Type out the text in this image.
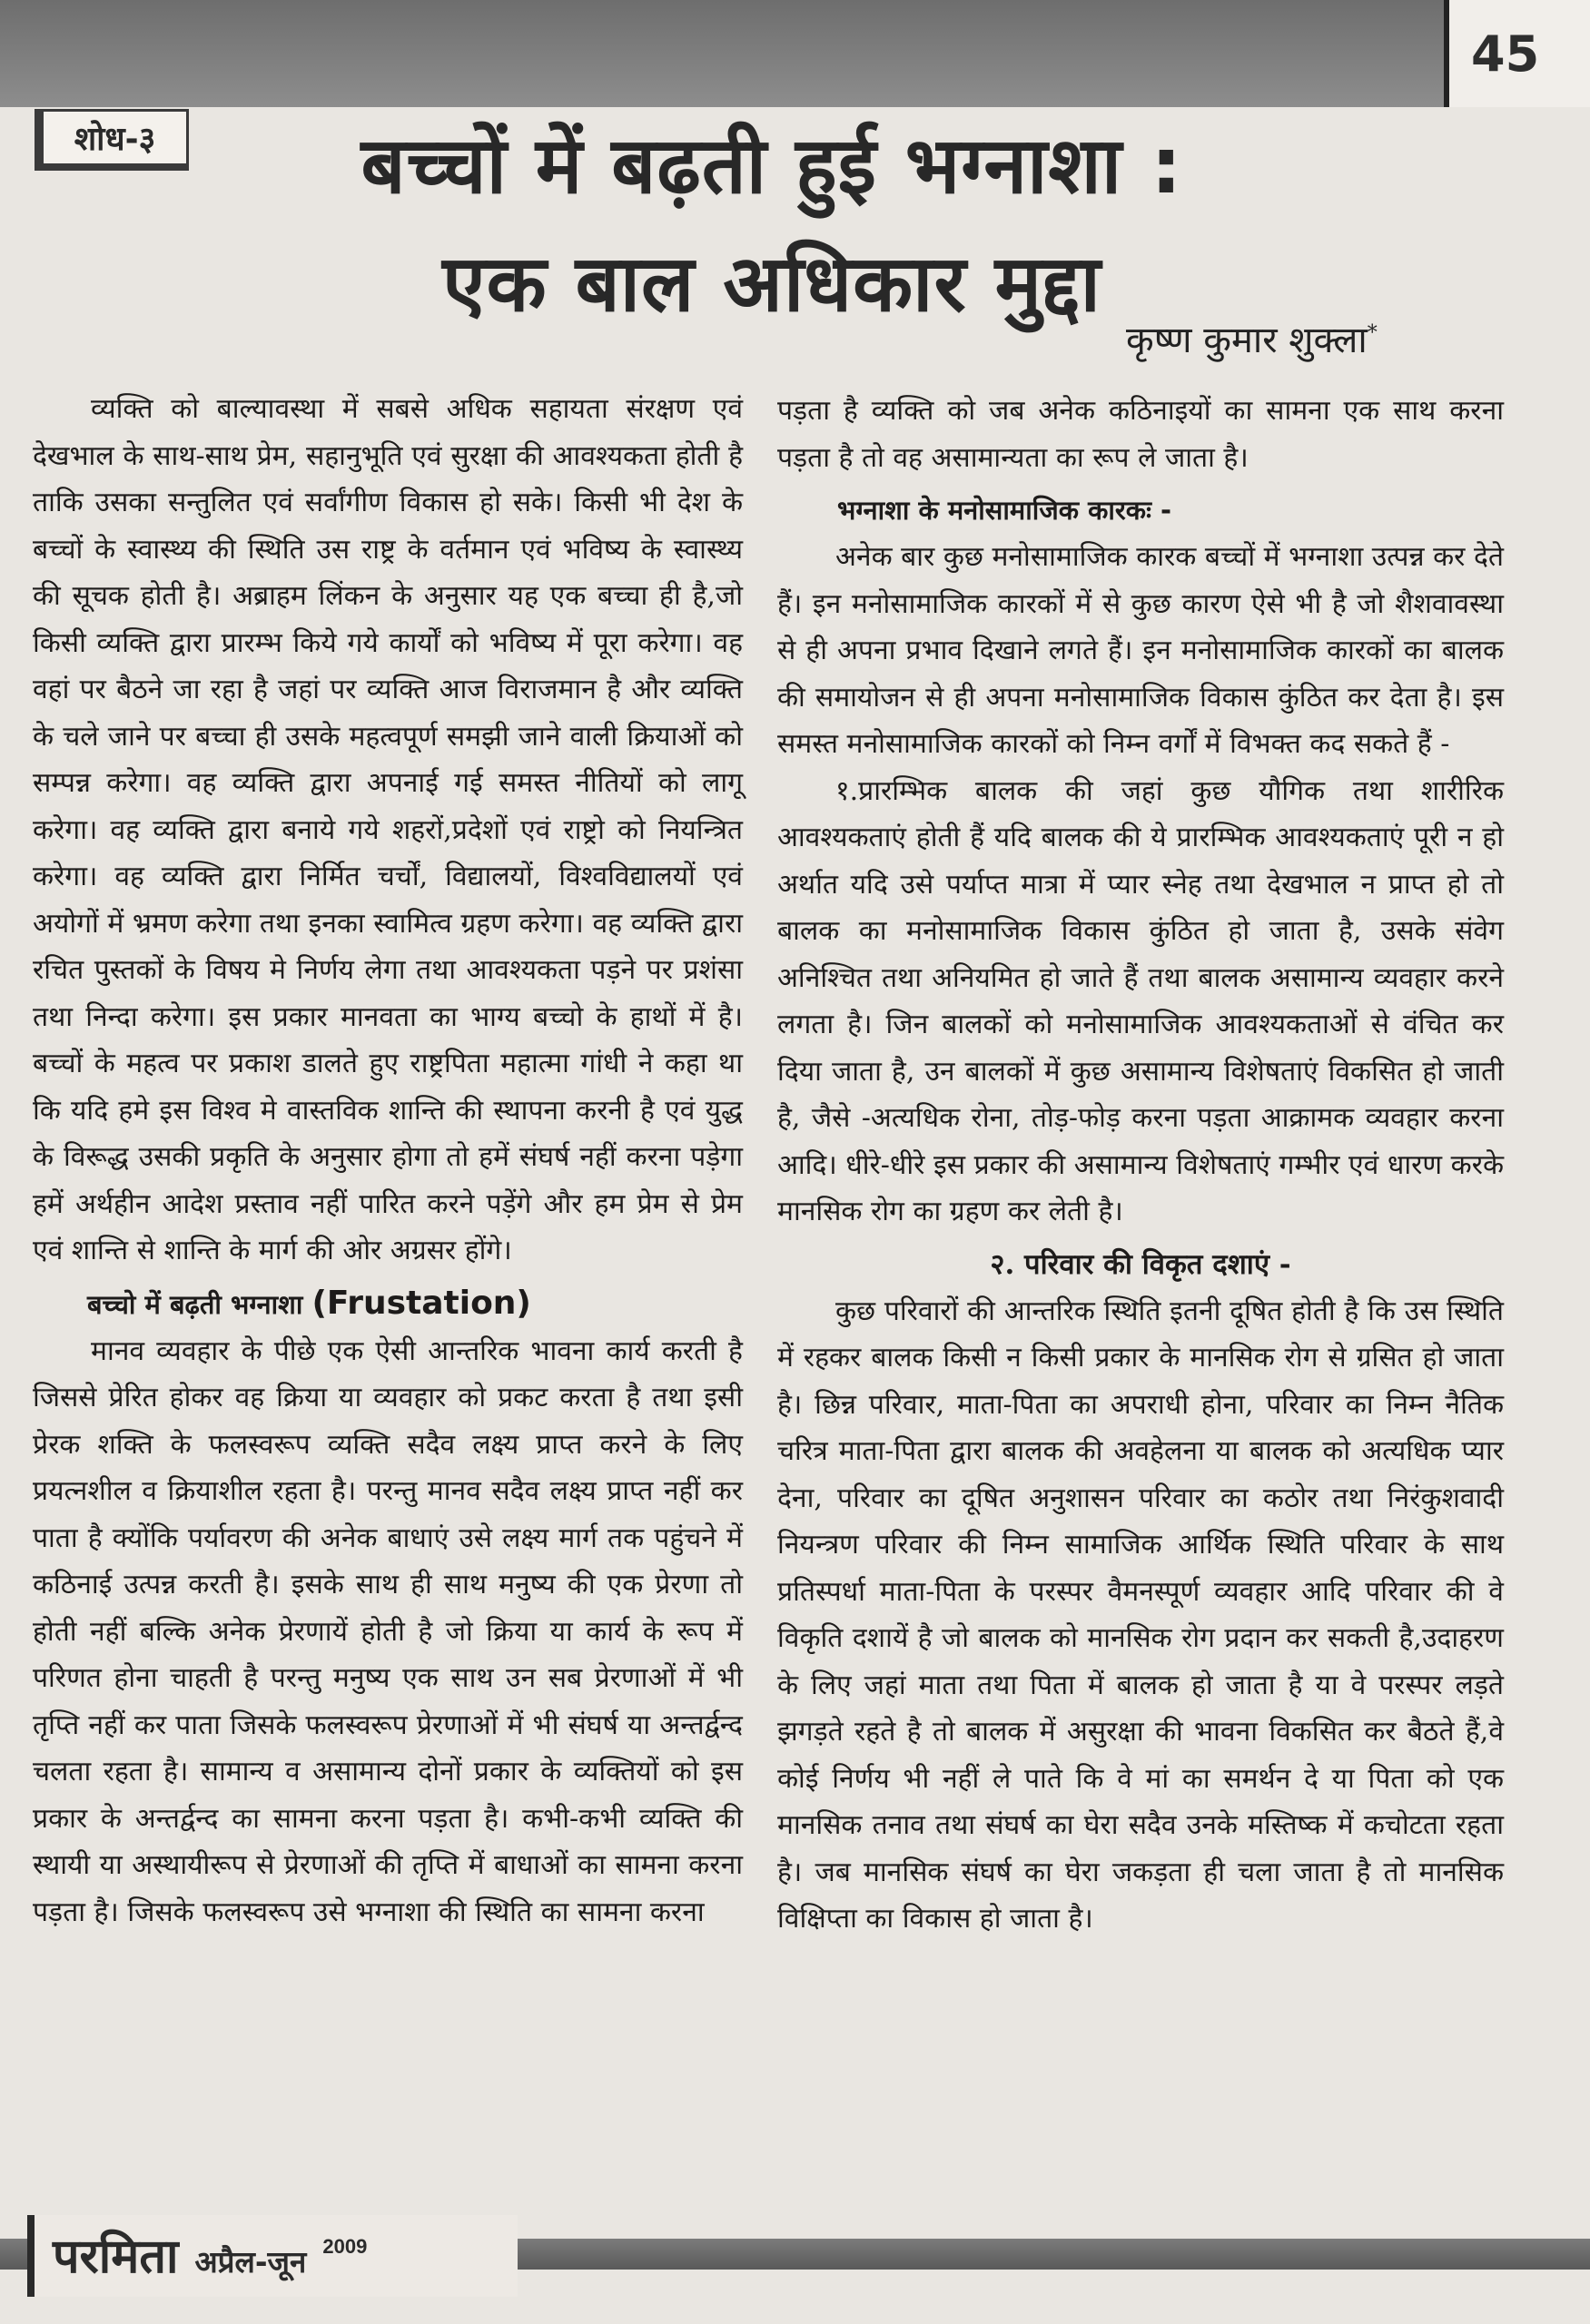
45
शोध-३	बच्चों में बढ़ती हुई भग्नाशा :
एक बाल अधिकार मुद्दा
कृष्ण कुमार शुक्ला*

व्यक्ति को बाल्यावस्था में सबसे अधिक सहायता संरक्षण एवं देखभाल के साथ-साथ प्रेम, सहानुभूति एवं सुरक्षा की आवश्यकता होती है ताकि उसका सन्तुलित एवं सर्वांगीण विकास हो सके। किसी भी देश के बच्चों के स्वास्थ्य की स्थिति उस राष्ट्र के वर्तमान एवं भविष्य के स्वास्थ्य की सूचक होती है। अब्राहम लिंकन के अनुसार यह एक बच्चा ही है,जो किसी व्यक्ति द्वारा प्रारम्भ किये गये कार्यों को भविष्य में पूरा करेगा। वह वहां पर बैठने जा रहा है जहां पर व्यक्ति आज विराजमान है और व्यक्ति के चले जाने पर बच्चा ही उसके महत्वपूर्ण समझी जाने वाली क्रियाओं को सम्पन्न करेगा। वह व्यक्ति द्वारा अपनाई गई समस्त नीतियों को लागू करेगा। वह व्यक्ति द्वारा बनाये गये शहरों,प्रदेशों एवं राष्ट्रो को नियन्त्रित करेगा। वह व्यक्ति द्वारा निर्मित चर्चों, विद्यालयों, विश्वविद्यालयों एवं अयोगों में भ्रमण करेगा तथा इनका स्वामित्व ग्रहण करेगा। वह व्यक्ति द्वारा रचित पुस्तकों के विषय मे निर्णय लेगा तथा आवश्यकता पड़ने पर प्रशंसा तथा निन्दा करेगा। इस प्रकार मानवता का भाग्य बच्चो के हाथों में है। बच्चों के महत्व पर प्रकाश डालते हुए राष्ट्रपिता महात्मा गांधी ने कहा था कि यदि हमे इस विश्व मे वास्तविक शान्ति की स्थापना करनी है एवं युद्ध के विरूद्ध उसकी प्रकृति के अनुसार होगा तो हमें संघर्ष नहीं करना पड़ेगा हमें अर्थहीन आदेश प्रस्ताव नहीं पारित करने पड़ेंगे और हम प्रेम से प्रेम एवं शान्ति से शान्ति के मार्ग की ओर अग्रसर होंगे।

बच्चो में बढ़ती भग्नाशा (Frustation)

मानव व्यवहार के पीछे एक ऐसी आन्तरिक भावना कार्य करती है जिससे प्रेरित होकर वह क्रिया या व्यवहार को प्रकट करता है तथा इसी प्रेरक शक्ति के फलस्वरूप व्यक्ति सदैव लक्ष्य प्राप्त करने के लिए प्रयत्नशील व क्रियाशील रहता है। परन्तु मानव सदैव लक्ष्य प्राप्त नहीं कर पाता है क्योंकि पर्यावरण की अनेक बाधाएं उसे लक्ष्य मार्ग तक पहुंचने में कठिनाई उत्पन्न करती है। इसके साथ ही साथ मनुष्य की एक प्रेरणा तो होती नहीं बल्कि अनेक प्रेरणायें होती है जो क्रिया या कार्य के रूप में परिणत होना चाहती है परन्तु मनुष्य एक साथ उन सब प्रेरणाओं में भी तृप्ति नहीं कर पाता जिसके फलस्वरूप प्रेरणाओं में भी संघर्ष या अन्तर्द्वन्द चलता रहता है। सामान्य व असामान्य दोनों प्रकार के व्यक्तियों को इस प्रकार के अन्तर्द्वन्द का सामना करना पड़ता है। कभी-कभी व्यक्ति की स्थायी या अस्थायीरूप से प्रेरणाओं की तृप्ति में बाधाओं का सामना करना पड़ता है। जिसके फलस्वरूप उसे भग्नाशा की स्थिति का सामना करना

पड़ता है व्यक्ति को जब अनेक कठिनाइयों का सामना एक साथ करना पड़ता है तो वह असामान्यता का रूप ले जाता है।

भग्नाशा के मनोसामाजिक कारकः -

अनेक बार कुछ मनोसामाजिक कारक बच्चों में भग्नाशा उत्पन्न कर देते हैं। इन मनोसामाजिक कारकों में से कुछ कारण ऐसे भी है जो शैशवावस्था से ही अपना प्रभाव दिखाने लगते हैं। इन मनोसामाजिक कारकों का बालक की समायोजन से ही अपना मनोसामाजिक विकास कुंठित कर देता है। इस समस्त मनोसामाजिक कारकों को निम्न वर्गों में विभक्त कद सकते हैं -

१.प्रारम्भिक बालक की जहां कुछ यौगिक तथा शारीरिक आवश्यकताएं होती हैं यदि बालक की ये प्रारम्भिक आवश्यकताएं पूरी न हो अर्थात यदि उसे पर्याप्त मात्रा में प्यार स्नेह तथा देखभाल न प्राप्त हो तो बालक का मनोसामाजिक विकास कुंठित हो जाता है, उसके संवेग अनिश्चित तथा अनियमित हो जाते हैं तथा बालक असामान्य व्यवहार करने लगता है। जिन बालकों को मनोसामाजिक आवश्यकताओं से वंचित कर दिया जाता है, उन बालकों में कुछ असामान्य विशेषताएं विकसित हो जाती है, जैसे -अत्यधिक रोना, तोड़-फोड़ करना पड़ता आक्रामक व्यवहार करना आदि। धीरे-धीरे इस प्रकार की असामान्य विशेषताएं गम्भीर एवं धारण करके मानसिक रोग का ग्रहण कर लेती है।

२. परिवार की विकृत दशाएं -

कुछ परिवारों की आन्तरिक स्थिति इतनी दूषित होती है कि उस स्थिति में रहकर बालक किसी न किसी प्रकार के मानसिक रोग से ग्रसित हो जाता है। छिन्न परिवार, माता-पिता का अपराधी होना, परिवार का निम्न नैतिक चरित्र माता-पिता द्वारा बालक की अवहेलना या बालक को अत्यधिक प्यार देना, परिवार का दूषित अनुशासन परिवार का कठोर तथा निरंकुशवादी नियन्त्रण परिवार की निम्न सामाजिक आर्थिक स्थिति परिवार के साथ प्रतिस्पर्धा माता-पिता के परस्पर वैमनस्पूर्ण व्यवहार आदि परिवार की वे विकृति दशायें है जो बालक को मानसिक रोग प्रदान कर सकती है,उदाहरण के लिए जहां माता तथा पिता में बालक हो जाता है या वे परस्पर लड़ते झगड़ते रहते है तो बालक में असुरक्षा की भावना विकसित कर बैठते हैं,वे कोई निर्णय भी नहीं ले पाते कि वे मां का समर्थन दे या पिता को एक मानसिक तनाव तथा संघर्ष का घेरा सदैव उनके मस्तिष्क में कचोटता रहता है। जब मानसिक संघर्ष का घेरा जकड़ता ही चला जाता है तो मानसिक विक्षिप्ता का विकास हो जाता है।

परमिता अप्रैल-जून 2009
